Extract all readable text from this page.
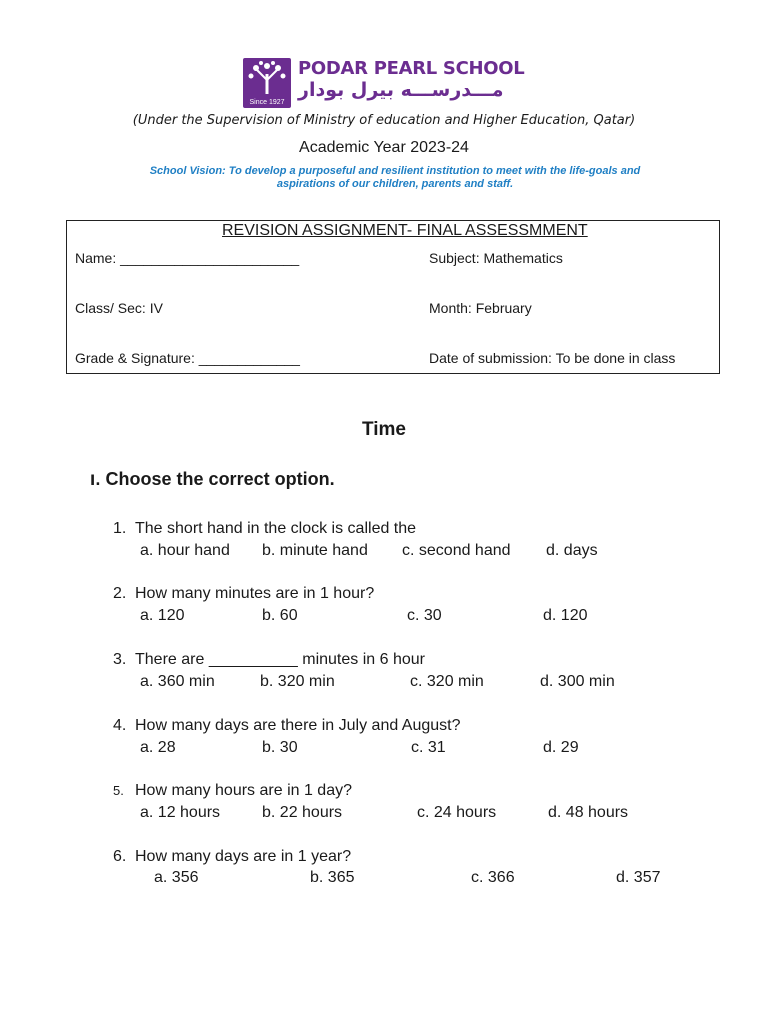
Since 1927
PODAR PEARL SCHOOL
مـــدرســـه بيرل بودار
(Under the Supervision of Ministry of education and Higher Education, Qatar)
Academic Year 2023-24
School Vision: To develop a purposeful and resilient institution to meet with the life-goals and aspirations of our children, parents and staff.
REVISION ASSIGNMENT- FINAL ASSESSMMENT
Name: _______________________	Subject: Mathematics
Class/ Sec: IV	Month: February
Grade & Signature: _____________	Date of submission: To be done in class
Time
I. Choose the correct option.
1. The short hand in the clock is called the
a. hour hand b. minute hand c. second hand d. days
2. How many minutes are in 1 hour?
a. 120	b. 60	c. 30	d. 120
3. There are __________ minutes in 6 hour
a. 360 min	b. 320 min	c. 320 min	d. 300 min
4. How many days are there in July and August?
a. 28	b. 30	c. 31	d. 29
5. How many hours are in 1 day?
a. 12 hours	b. 22 hours	c. 24 hours	d. 48 hours
6. How many days are in 1 year?
a. 356	b. 365	c. 366	d. 357
